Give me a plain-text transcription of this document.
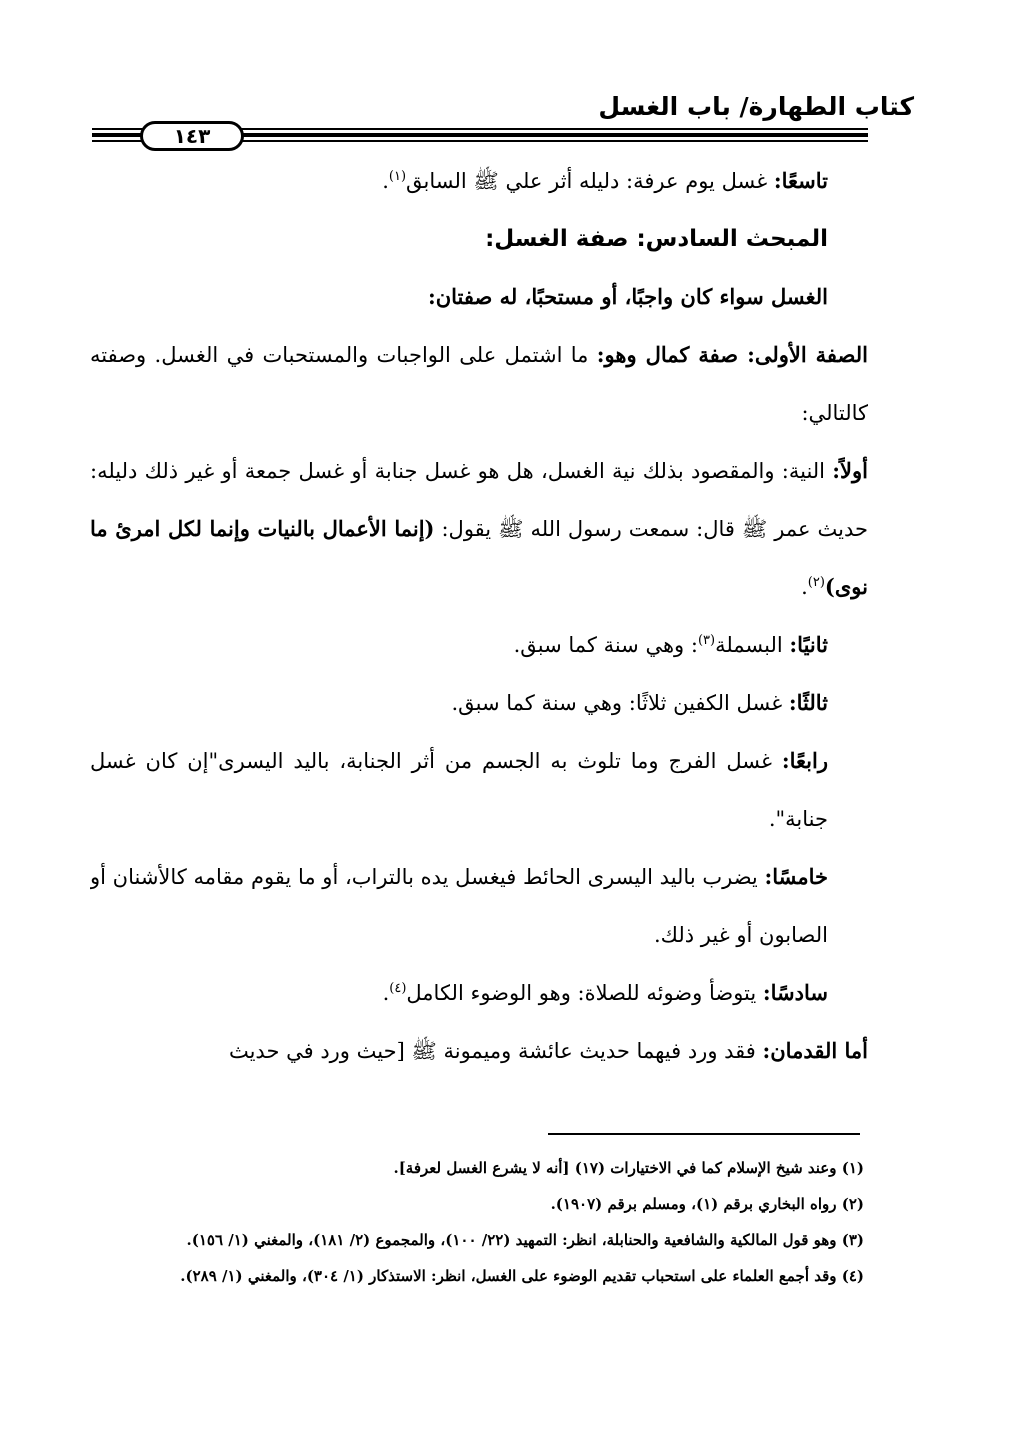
كتاب الطهارة/ باب الغسل
١٤٣

تاسعًا: غسل يوم عرفة: دليله أثر علي ﷺ السابق$^{(١)}$.

المبحث السادس: صفة الغسل:

الغسل سواء كان واجبًا، أو مستحبًا، له صفتان:

الصفة الأولى: صفة كمال وهو: ما اشتمل على الواجبات والمستحبات في الغسل. وصفته كالتالي:

أولاً: النية: والمقصود بذلك نية الغسل، هل هو غسل جنابة أو غسل جمعة أو غير ذلك دليله: حديث عمر ﷺ قال: سمعت رسول الله ﷺ يقول: (إنما الأعمال بالنيات وإنما لكل امرئ ما نوى)$^{(٢)}$.

ثانيًا: البسملة$^{(٣)}$: وهي سنة كما سبق.

ثالثًا: غسل الكفين ثلاثًا: وهي سنة كما سبق.

رابعًا: غسل الفرج وما تلوث به الجسم من أثر الجنابة، باليد اليسرى"إن كان غسل جنابة".

خامسًا: يضرب باليد اليسرى الحائط فيغسل يده بالتراب، أو ما يقوم مقامه كالأشنان أو الصابون أو غير ذلك.

سادسًا: يتوضأ وضوئه للصلاة: وهو الوضوء الكامل$^{(٤)}$.

أما القدمان: فقد ورد فيهما حديث عائشة وميمونة ﷺ [حيث ورد في حديث

(١) وعند شيخ الإسلام كما في الاختيارات (١٧) [أنه لا يشرع الغسل لعرفة].

(٢) رواه البخاري برقم (١)، ومسلم برقم (١٩٠٧).

(٣) وهو قول المالكية والشافعية والحنابلة، انظر: التمهيد (٢٢/ ١٠٠)، والمجموع (٢/ ١٨١)، والمغني (١/ ١٥٦).

(٤) وقد أجمع العلماء على استحباب تقديم الوضوء على الغسل، انظر: الاستذكار (١/ ٣٠٤)، والمغني (١/ ٢٨٩).
